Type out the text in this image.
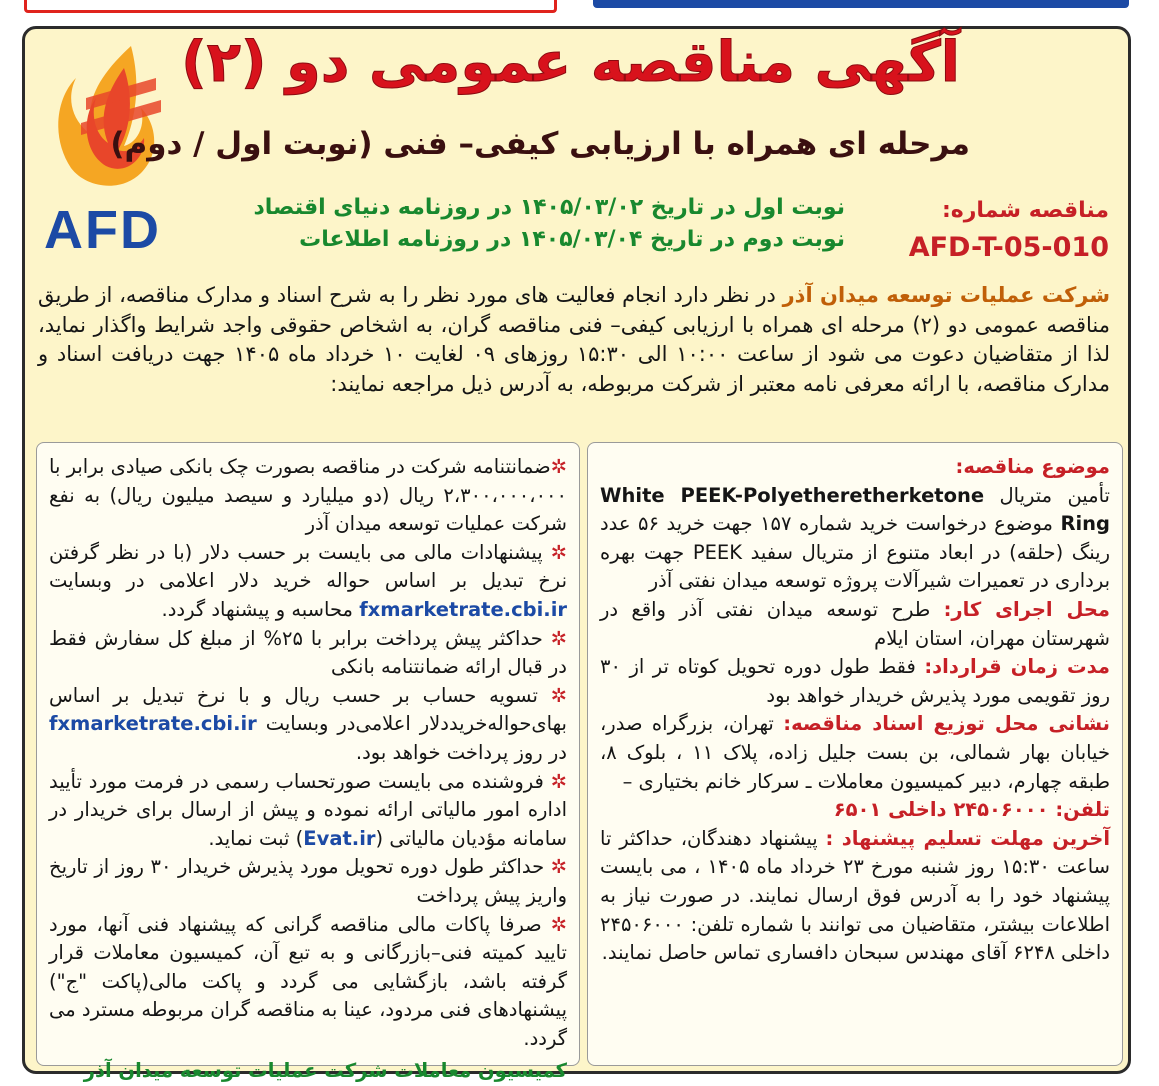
AFD
آگهی مناقصه عمومی دو (۲)
مرحله ای همراه با ارزیابی کیفی– فنی (نوبت اول / دوم)
نوبت اول در تاریخ ۱۴۰۵/۰۳/۰۲ در روزنامه دنیای اقتصاد
نوبت دوم در تاریخ ۱۴۰۵/۰۳/۰۴ در روزنامه اطلاعات
مناقصه شماره:
AFD-T-05-010
شرکت عملیات توسعه میدان آذر در نظر دارد انجام فعالیت های مورد نظر را به شرح اسناد و مدارک مناقصه، از طریق مناقصه عمومی دو (۲) مرحله ای همراه با ارزیابی کیفی– فنی مناقصه گران، به اشخاص حقوقی واجد شرایط واگذار نماید، لذا از متقاضیان دعوت می شود از ساعت ۱۰:۰۰ الی ۱۵:۳۰ روزهای ۰۹ لغایت ۱۰ خرداد ماه ۱۴۰۵ جهت دریافت اسناد و مدارک مناقصه، با ارائه معرفی نامه معتبر از شرکت مربوطه، به آدرس ذیل مراجعه نمایند:

موضوع مناقصه:

تأمین متریال White PEEK-Polyetheretherketone Ring موضوع درخواست خرید شماره ۱۵۷ جهت خرید ۵۶ عدد رینگ (حلقه) در ابعاد متنوع از متریال سفید PEEK جهت بهره برداری در تعمیرات شیرآلات پروژه توسعه میدان نفتی آذر

محل اجرای کار: طرح توسعه میدان نفتی آذر واقع در شهرستان مهران، استان ایلام

مدت زمان قرارداد: فقط طول دوره تحویل کوتاه تر از ۳۰ روز تقویمی مورد پذیرش خریدار خواهد بود

نشانی محل توزیع اسناد مناقصه: تهران، بزرگراه صدر، خیابان بهار شمالی، بن بست جلیل زاده، پلاک ۱۱ ، بلوک ۸، طبقه چهارم، دبیر کمیسیون معاملات ـ سرکار خانم بختیاری –

تلفن: ۲۴۵۰۶۰۰۰ داخلی ۶۵۰۱

آخرین مهلت تسلیم پیشنهاد : پیشنهاد دهندگان، حداکثر تا ساعت ۱۵:۳۰ روز شنبه مورخ ۲۳ خرداد ماه ۱۴۰۵ ، می بایست پیشنهاد خود را به آدرس فوق ارسال نمایند. در صورت نیاز به اطلاعات بیشتر، متقاضیان می توانند با شماره تلفن: ۲۴۵۰۶۰۰۰ داخلی ۶۲۴۸ آقای مهندس سبحان دافساری تماس حاصل نمایند.

✲ضمانتنامه شرکت در مناقصه بصورت چک بانکی صیادی برابر با ۲،۳۰۰،۰۰۰،۰۰۰ ریال (دو میلیارد و سیصد میلیون ریال) به نفع شرکت عملیات توسعه میدان آذر

✲ پیشنهادات مالی می بایست بر حسب دلار (با در نظر گرفتن نرخ تبدیل بر اساس حواله خرید دلار اعلامی در وبسایت fxmarketrate.cbi.ir محاسبه و پیشنهاد گردد.

✲ حداکثر پیش پرداخت برابر با ۲۵% از مبلغ کل سفارش فقط در قبال ارائه ضمانتنامه بانکی

✲ تسویه حساب بر حسب ریال و با نرخ تبدیل بر اساس بهای‌حواله‌خریددلار اعلامی‌در وبسایت fxmarketrate.cbi.ir در روز پرداخت خواهد بود.

✲ فروشنده می بایست صورتحساب رسمی در فرمت مورد تأیید اداره امور مالیاتی ارائه نموده و پیش از ارسال برای خریدار در سامانه مؤدیان مالیاتی (Evat.ir) ثبت نماید.

✲ حداکثر طول دوره تحویل مورد پذیرش خریدار ۳۰ روز از تاریخ واریز پیش پرداخت

✲ صرفا پاکات مالی مناقصه گرانی که پیشنهاد فنی آنها، مورد تایید کمیته فنی–بازرگانی و به تبع آن، کمیسیون معاملات قرار گرفته باشد، بازگشایی می گردد و پاکت مالی(پاکت "ج") پیشنهادهای فنی مردود، عینا به مناقصه گران مربوطه مسترد می گردد.

کمیسیون معاملات شرکت عملیات توسعه میدان آذر
